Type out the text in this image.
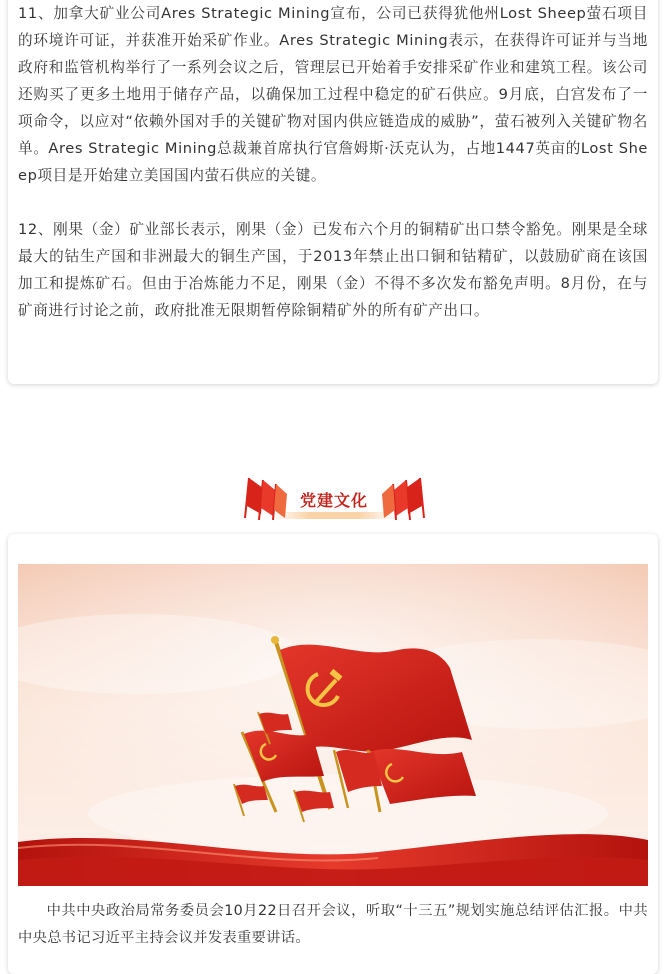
11、加拿大矿业公司Ares Strategic Mining宣布，公司已获得犹他州Lost Sheep萤石项目的环境许可证，并获准开始采矿作业。Ares Strategic Mining表示，在获得许可证并与当地政府和监管机构举行了一系列会议之后，管理层已开始着手安排采矿作业和建筑工程。该公司还购买了更多土地用于储存产品，以确保加工过程中稳定的矿石供应。9月底，白宫发布了一项命令，以应对“依赖外国对手的关键矿物对国内供应链造成的威胁”，萤石被列入关键矿物名单。Ares Strategic Mining总裁兼首席执行官詹姆斯·沃克认为，占地1447英亩的Lost Sheep项目是开始建立美国国内萤石供应的关键。

12、刚果（金）矿业部长表示，刚果（金）已发布六个月的铜精矿出口禁令豁免。刚果是全球最大的钴生产国和非洲最大的铜生产国，于2013年禁止出口铜和钴精矿，以鼓励矿商在该国加工和提炼矿石。但由于冶炼能力不足，刚果（金）不得不多次发布豁免声明。8月份，在与矿商进行讨论之前，政府批准无限期暂停除铜精矿外的所有矿产出口。

党建文化

中共中央政治局常务委员会10月22日召开会议，听取“十三五”规划实施总结评估汇报。中共中央总书记习近平主持会议并发表重要讲话。
